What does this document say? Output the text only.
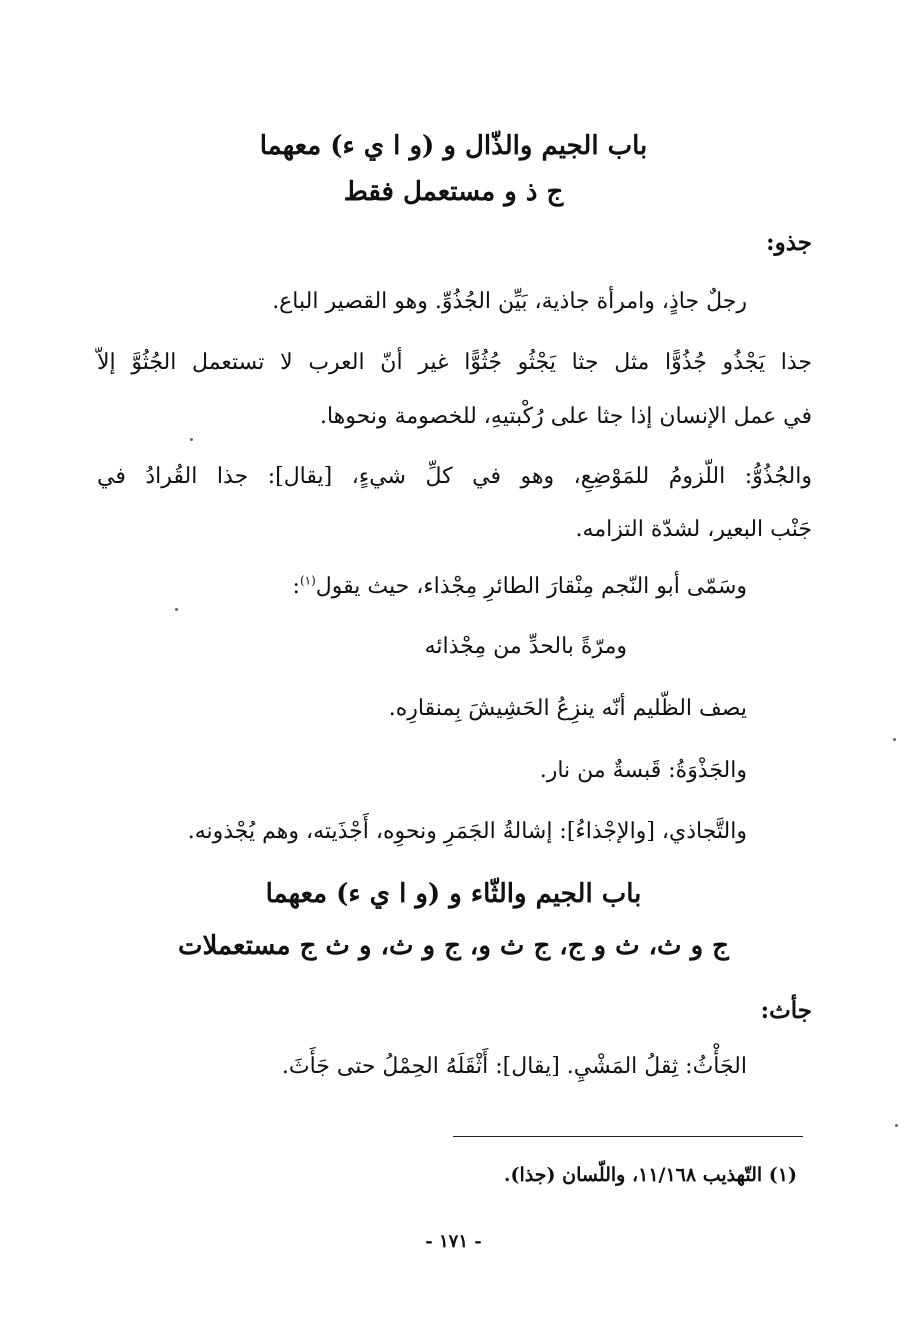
باب الجيم والذّال و (و ا ي ء) معهما
ج ذ و مستعمل فقط
جذو:
رجلٌ جاذٍ، وامرأة جاذية، بَيِّن الجُذُوِّ. وهو القصير الباع.
جذا يَجْذُو جُذُوًّا مثل جثا يَجْثُو جُثُوًّا غير أنّ العرب لا تستعمل الجُثُوَّ إلاّ
في عمل الإنسان إذا جثا على رُكْبتيهِ، للخصومة ونحوها.
والجُذُوُّ: اللّزومُ للمَوْضِعِ، وهو في كلِّ شيءٍ، [يقال]: جذا القُرادُ في
جَنْب البعير، لشدّة التزامه.
وسَمّى أبو النّجم مِنْقارَ الطائرِ مِجْذاء، حيث يقول$^{(١)}$:
ومرّةً بالحدِّ من مِجْذائه
يصف الظّليم أنّه ينزِعُ الحَشِيشَ بِمنقارِه.
والجَذْوَةُ: قَبسةٌ من نار.
والتَّجاذي، [والإجْذاءُ]: إشالةُ الجَمَرِ ونحوِه، أَجْذَيته، وهم يُجْذونه.
باب الجيم والثّاء و (و ا ي ء) معهما
ج و ث، ث و ج، ج ث و، ج و ث، و ث ج مستعملات
جأث:
الجَأْثُ: ثِقلُ المَشْيِ. [يقال]: أَثْقَلَهُ الحِمْلُ حتى جَأَثَ.
(١) التّهذيب ١١/١٦٨، واللّسان (جذا).
- ١٧١ -
